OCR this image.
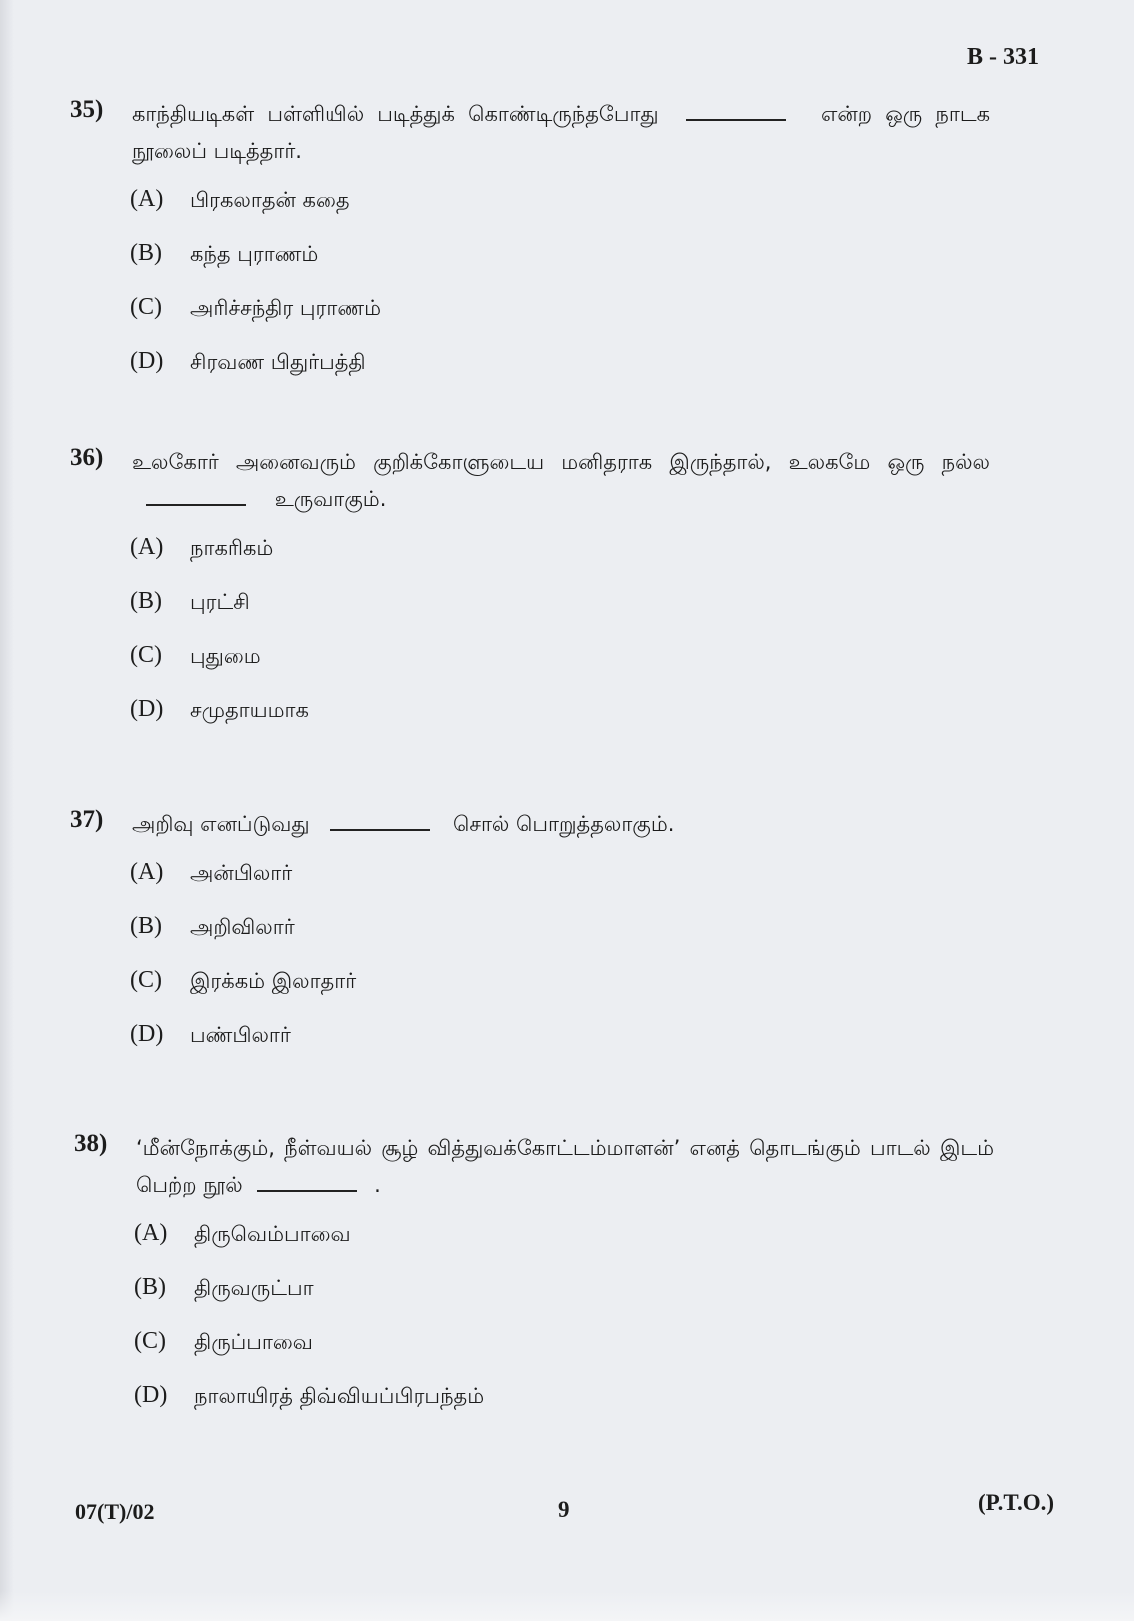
B - 331
35) காந்தியடிகள் பள்ளியில் படித்துக் கொண்டிருந்தபோது	என்ற ஒரு நாடக நூலைப் படித்தார்.
(A) பிரகலாதன் கதை
(B) கந்த புராணம்
(C) அரிச்சந்திர புராணம்
(D) சிரவண பிதுர்பத்தி
36) உலகோர் அனைவரும் குறிக்கோளுடைய மனிதராக இருந்தால், உலகமே ஒரு நல்ல  உருவாகும்.
(A) நாகரிகம்
(B) புரட்சி
(C) புதுமை
(D) சமுதாயமாக
37) அறிவு எனப்டுவது	சொல் பொறுத்தலாகும்.
(A) அன்பிலார்
(B) அறிவிலார்
(C) இரக்கம் இலாதார்
(D) பண்பிலார்
38) ‘மீன்நோக்கும், நீள்வயல் சூழ் வித்துவக்கோட்டம்மாளன்’ எனத் தொடங்கும் பாடல் இடம் பெற்ற நூல்	.
(A) திருவெம்பாவை
(B) திருவருட்பா
(C) திருப்பாவை
(D) நாலாயிரத் திவ்வியப்பிரபந்தம்
07(T)/02	9	(P.T.O.)
